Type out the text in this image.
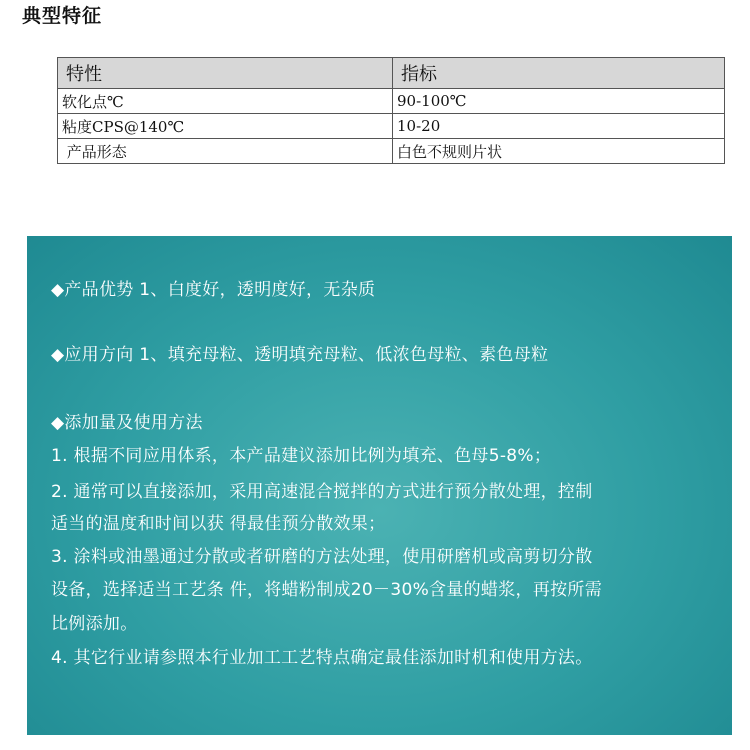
典型特征
特性	指标
软化点℃	90-100℃
粘度CPS@140℃	10-20
产品形态	白色不规则片状
◆产品优势 1、白度好，透明度好，无杂质
◆应用方向 1、填充母粒、透明填充母粒、低浓色母粒、素色母粒
◆添加量及使用方法
1. 根据不同应用体系，本产品建议添加比例为填充、色母5-8%；
2. 通常可以直接添加，采用高速混合搅拌的方式进行预分散处理，控制
适当的温度和时间以获 得最佳预分散效果；
3. 涂料或油墨通过分散或者研磨的方法处理，使用研磨机或高剪切分散
设备，选择适当工艺条 件，将蜡粉制成20－30%含量的蜡浆，再按所需
比例添加。
4. 其它行业请参照本行业加工工艺特点确定最佳添加时机和使用方法。
